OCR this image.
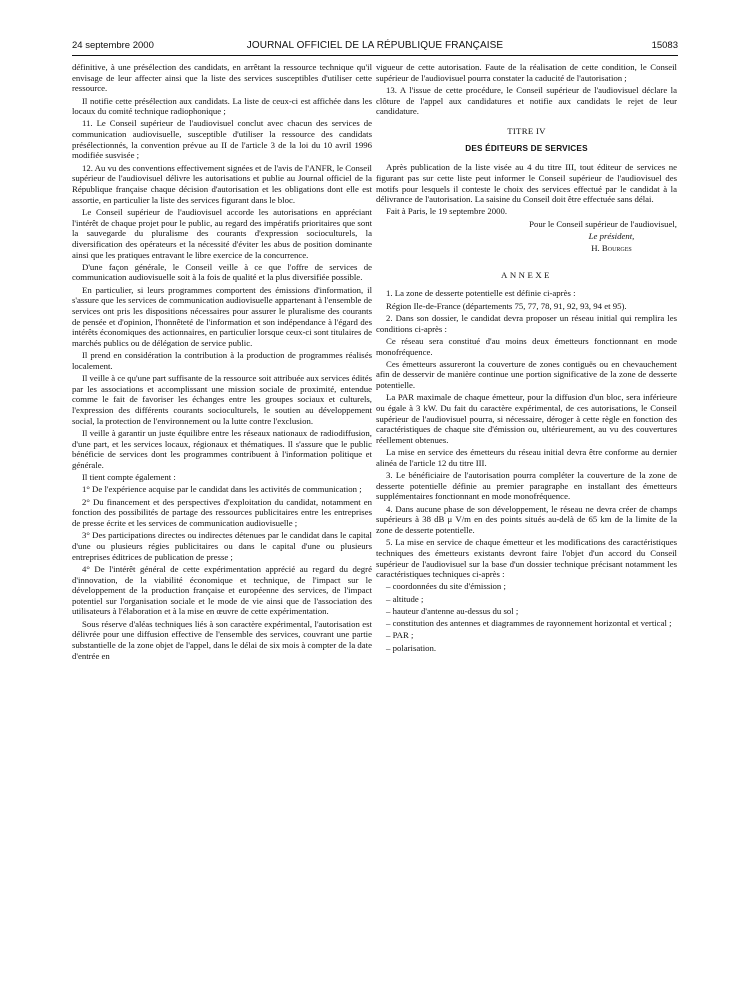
24 septembre 2000	JOURNAL OFFICIEL DE LA RÉPUBLIQUE FRANÇAISE	15083

définitive, à une présélection des candidats, en arrêtant la ressource technique qu'il envisage de leur affecter ainsi que la liste des services susceptibles d'utiliser cette ressource.

Il notifie cette présélection aux candidats. La liste de ceux-ci est affichée dans les locaux du comité technique radiophonique ;

11. Le Conseil supérieur de l'audiovisuel conclut avec chacun des services de communication audiovisuelle, susceptible d'utiliser la ressource des candidats présélectionnés, la convention prévue au II de l'article 3 de la loi du 10 avril 1996 modifiée susvisée ;

12. Au vu des conventions effectivement signées et de l'avis de l'ANFR, le Conseil supérieur de l'audiovisuel délivre les autorisations et publie au Journal officiel de la République française chaque décision d'autorisation et les obligations dont elle est assortie, en particulier la liste des services figurant dans le bloc.

Le Conseil supérieur de l'audiovisuel accorde les autorisations en appréciant l'intérêt de chaque projet pour le public, au regard des impératifs prioritaires que sont la sauvegarde du pluralisme des courants d'expression socioculturels, la diversification des opérateurs et la nécessité d'éviter les abus de position dominante ainsi que les pratiques entravant le libre exercice de la concurrence.

D'une façon générale, le Conseil veille à ce que l'offre de services de communication audiovisuelle soit à la fois de qualité et la plus diversifiée possible.

En particulier, si leurs programmes comportent des émissions d'information, il s'assure que les services de communication audiovisuelle appartenant à l'ensemble de services ont pris les dispositions nécessaires pour assurer le pluralisme des courants de pensée et d'opinion, l'honnêteté de l'information et son indépendance à l'égard des intérêts économiques des actionnaires, en particulier lorsque ceux-ci sont titulaires de marchés publics ou de délégation de service public.

Il prend en considération la contribution à la production de programmes réalisés localement.

Il veille à ce qu'une part suffisante de la ressource soit attribuée aux services édités par les associations et accomplissant une mission sociale de proximité, entendue comme le fait de favoriser les échanges entre les groupes sociaux et culturels, l'expression des différents courants socioculturels, le soutien au développement social, la protection de l'environnement ou la lutte contre l'exclusion.

Il veille à garantir un juste équilibre entre les réseaux nationaux de radiodiffusion, d'une part, et les services locaux, régionaux et thématiques. Il s'assure que le public bénéficie de services dont les programmes contribuent à l'information politique et générale.

Il tient compte également :

1° De l'expérience acquise par le candidat dans les activités de communication ;

2° Du financement et des perspectives d'exploitation du candidat, notamment en fonction des possibilités de partage des ressources publicitaires entre les entreprises de presse écrite et les services de communication audiovisuelle ;

3° Des participations directes ou indirectes détenues par le candidat dans le capital d'une ou plusieurs régies publicitaires ou dans le capital d'une ou plusieurs entreprises éditrices de publication de presse ;

4° De l'intérêt général de cette expérimentation apprécié au regard du degré d'innovation, de la viabilité économique et technique, de l'impact sur le développement de la production française et européenne des services, de l'impact potentiel sur l'organisation sociale et le mode de vie ainsi que de l'association des utilisateurs à l'élaboration et à la mise en œuvre de cette expérimentation.

Sous réserve d'aléas techniques liés à son caractère expérimental, l'autorisation est délivrée pour une diffusion effective de l'ensemble des services, couvrant une partie substantielle de la zone objet de l'appel, dans le délai de six mois à compter de la date d'entrée en

vigueur de cette autorisation. Faute de la réalisation de cette condition, le Conseil supérieur de l'audiovisuel pourra constater la caducité de l'autorisation ;

13. A l'issue de cette procédure, le Conseil supérieur de l'audiovisuel déclare la clôture de l'appel aux candidatures et notifie aux candidats le rejet de leur candidature.

TITRE IV
DES ÉDITEURS DE SERVICES

Après publication de la liste visée au 4 du titre III, tout éditeur de services ne figurant pas sur cette liste peut informer le Conseil supérieur de l'audiovisuel des motifs pour lesquels il conteste le choix des services effectué par le candidat à la délivrance de l'autorisation. La saisine du Conseil doit être effectuée sans délai.

Fait à Paris, le 19 septembre 2000.

Pour le Conseil supérieur de l'audiovisuel,

Le président,

H. Bourges

ANNEXE

1. La zone de desserte potentielle est définie ci-après :

Région Ile-de-France (départements 75, 77, 78, 91, 92, 93, 94 et 95).

2. Dans son dossier, le candidat devra proposer un réseau initial qui remplira les conditions ci-après :

Ce réseau sera constitué d'au moins deux émetteurs fonctionnant en mode monofréquence.

Ces émetteurs assureront la couverture de zones contiguës ou en chevauchement afin de desservir de manière continue une portion significative de la zone de desserte potentielle.

La PAR maximale de chaque émetteur, pour la diffusion d'un bloc, sera inférieure ou égale à 3 kW. Du fait du caractère expérimental, de ces autorisations, le Conseil supérieur de l'audiovisuel pourra, si nécessaire, déroger à cette règle en fonction des caractéristiques de chaque site d'émission ou, ultérieurement, au vu des couvertures réellement obtenues.

La mise en service des émetteurs du réseau initial devra être conforme au dernier alinéa de l'article 12 du titre III.

3. Le bénéficiaire de l'autorisation pourra compléter la couverture de la zone de desserte potentielle définie au premier paragraphe en installant des émetteurs supplémentaires fonctionnant en mode monofréquence.

4. Dans aucune phase de son développement, le réseau ne devra créer de champs supérieurs à 38 dB μ V/m en des points situés au-delà de 65 km de la limite de la zone de desserte potentielle.

5. La mise en service de chaque émetteur et les modifications des caractéristiques techniques des émetteurs existants devront faire l'objet d'un accord du Conseil supérieur de l'audiovisuel sur la base d'un dossier technique précisant notamment les caractéristiques techniques ci-après :

– coordonnées du site d'émission ;

– altitude ;

– hauteur d'antenne au-dessus du sol ;

– constitution des antennes et diagrammes de rayonnement horizontal et vertical ;

– PAR ;

– polarisation.
